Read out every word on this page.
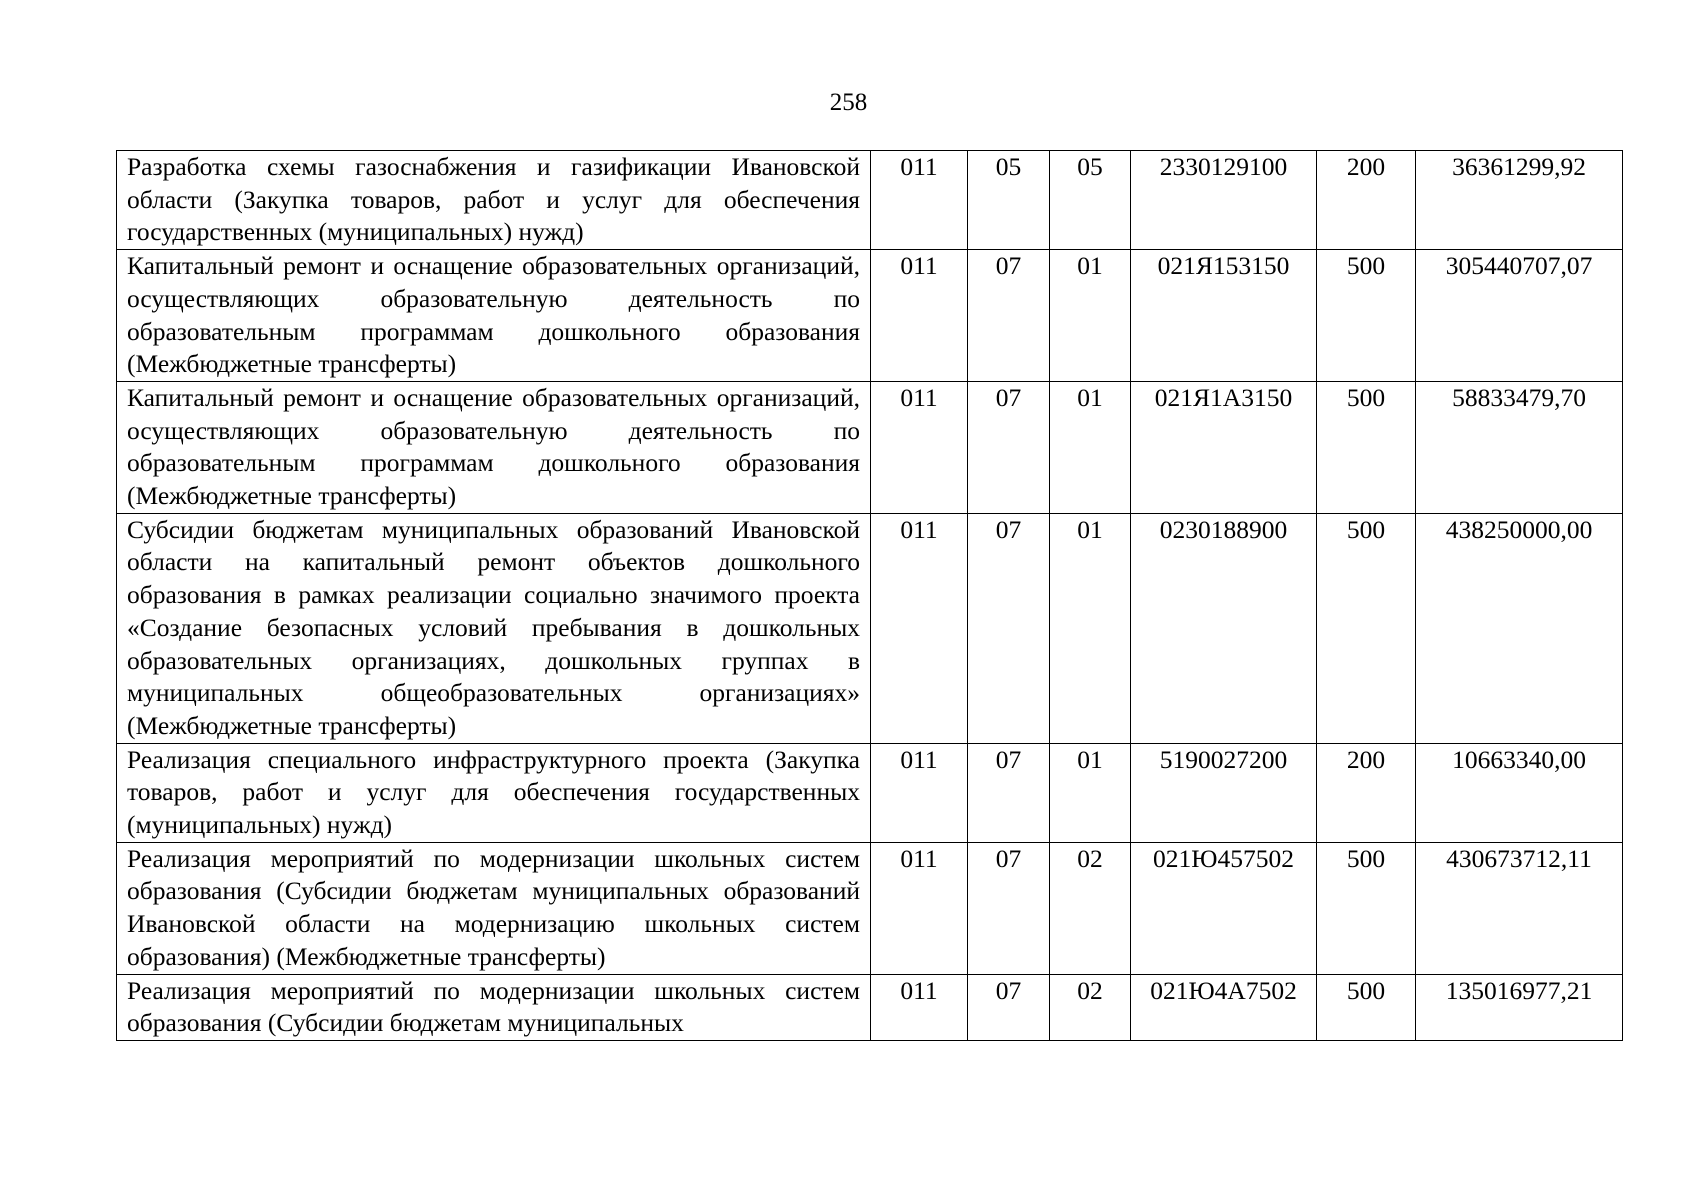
258
Разработка схемы газоснабжения и газификации Ивановской области (Закупка товаров, работ и услуг для обеспечения государственных (муниципальных) нужд)	011	05	05	2330129100	200	36361299,92
Капитальный ремонт и оснащение образовательных организаций, осуществляющих образовательную деятельность по образовательным программам дошкольного образования (Межбюджетные трансферты)	011	07	01	021Я153150	500	305440707,07
Капитальный ремонт и оснащение образовательных организаций, осуществляющих образовательную деятельность по образовательным программам дошкольного образования (Межбюджетные трансферты)	011	07	01	021Я1А3150	500	58833479,70
Субсидии бюджетам муниципальных образований Ивановской области на капитальный ремонт объектов дошкольного образования в рамках реализации социально значимого проекта «Создание безопасных условий пребывания в дошкольных образовательных организациях, дошкольных группах в муниципальных общеобразовательных организациях» (Межбюджетные трансферты)	011	07	01	0230188900	500	438250000,00
Реализация специального инфраструктурного проекта (Закупка товаров, работ и услуг для обеспечения государственных (муниципальных) нужд)	011	07	01	5190027200	200	10663340,00
Реализация мероприятий по модернизации школьных систем образования (Субсидии бюджетам муниципальных образований Ивановской области на модернизацию школьных систем образования) (Межбюджетные трансферты)	011	07	02	021Ю457502	500	430673712,11
Реализация мероприятий по модернизации школьных систем образования (Субсидии бюджетам муниципальных	011	07	02	021Ю4А7502	500	135016977,21
